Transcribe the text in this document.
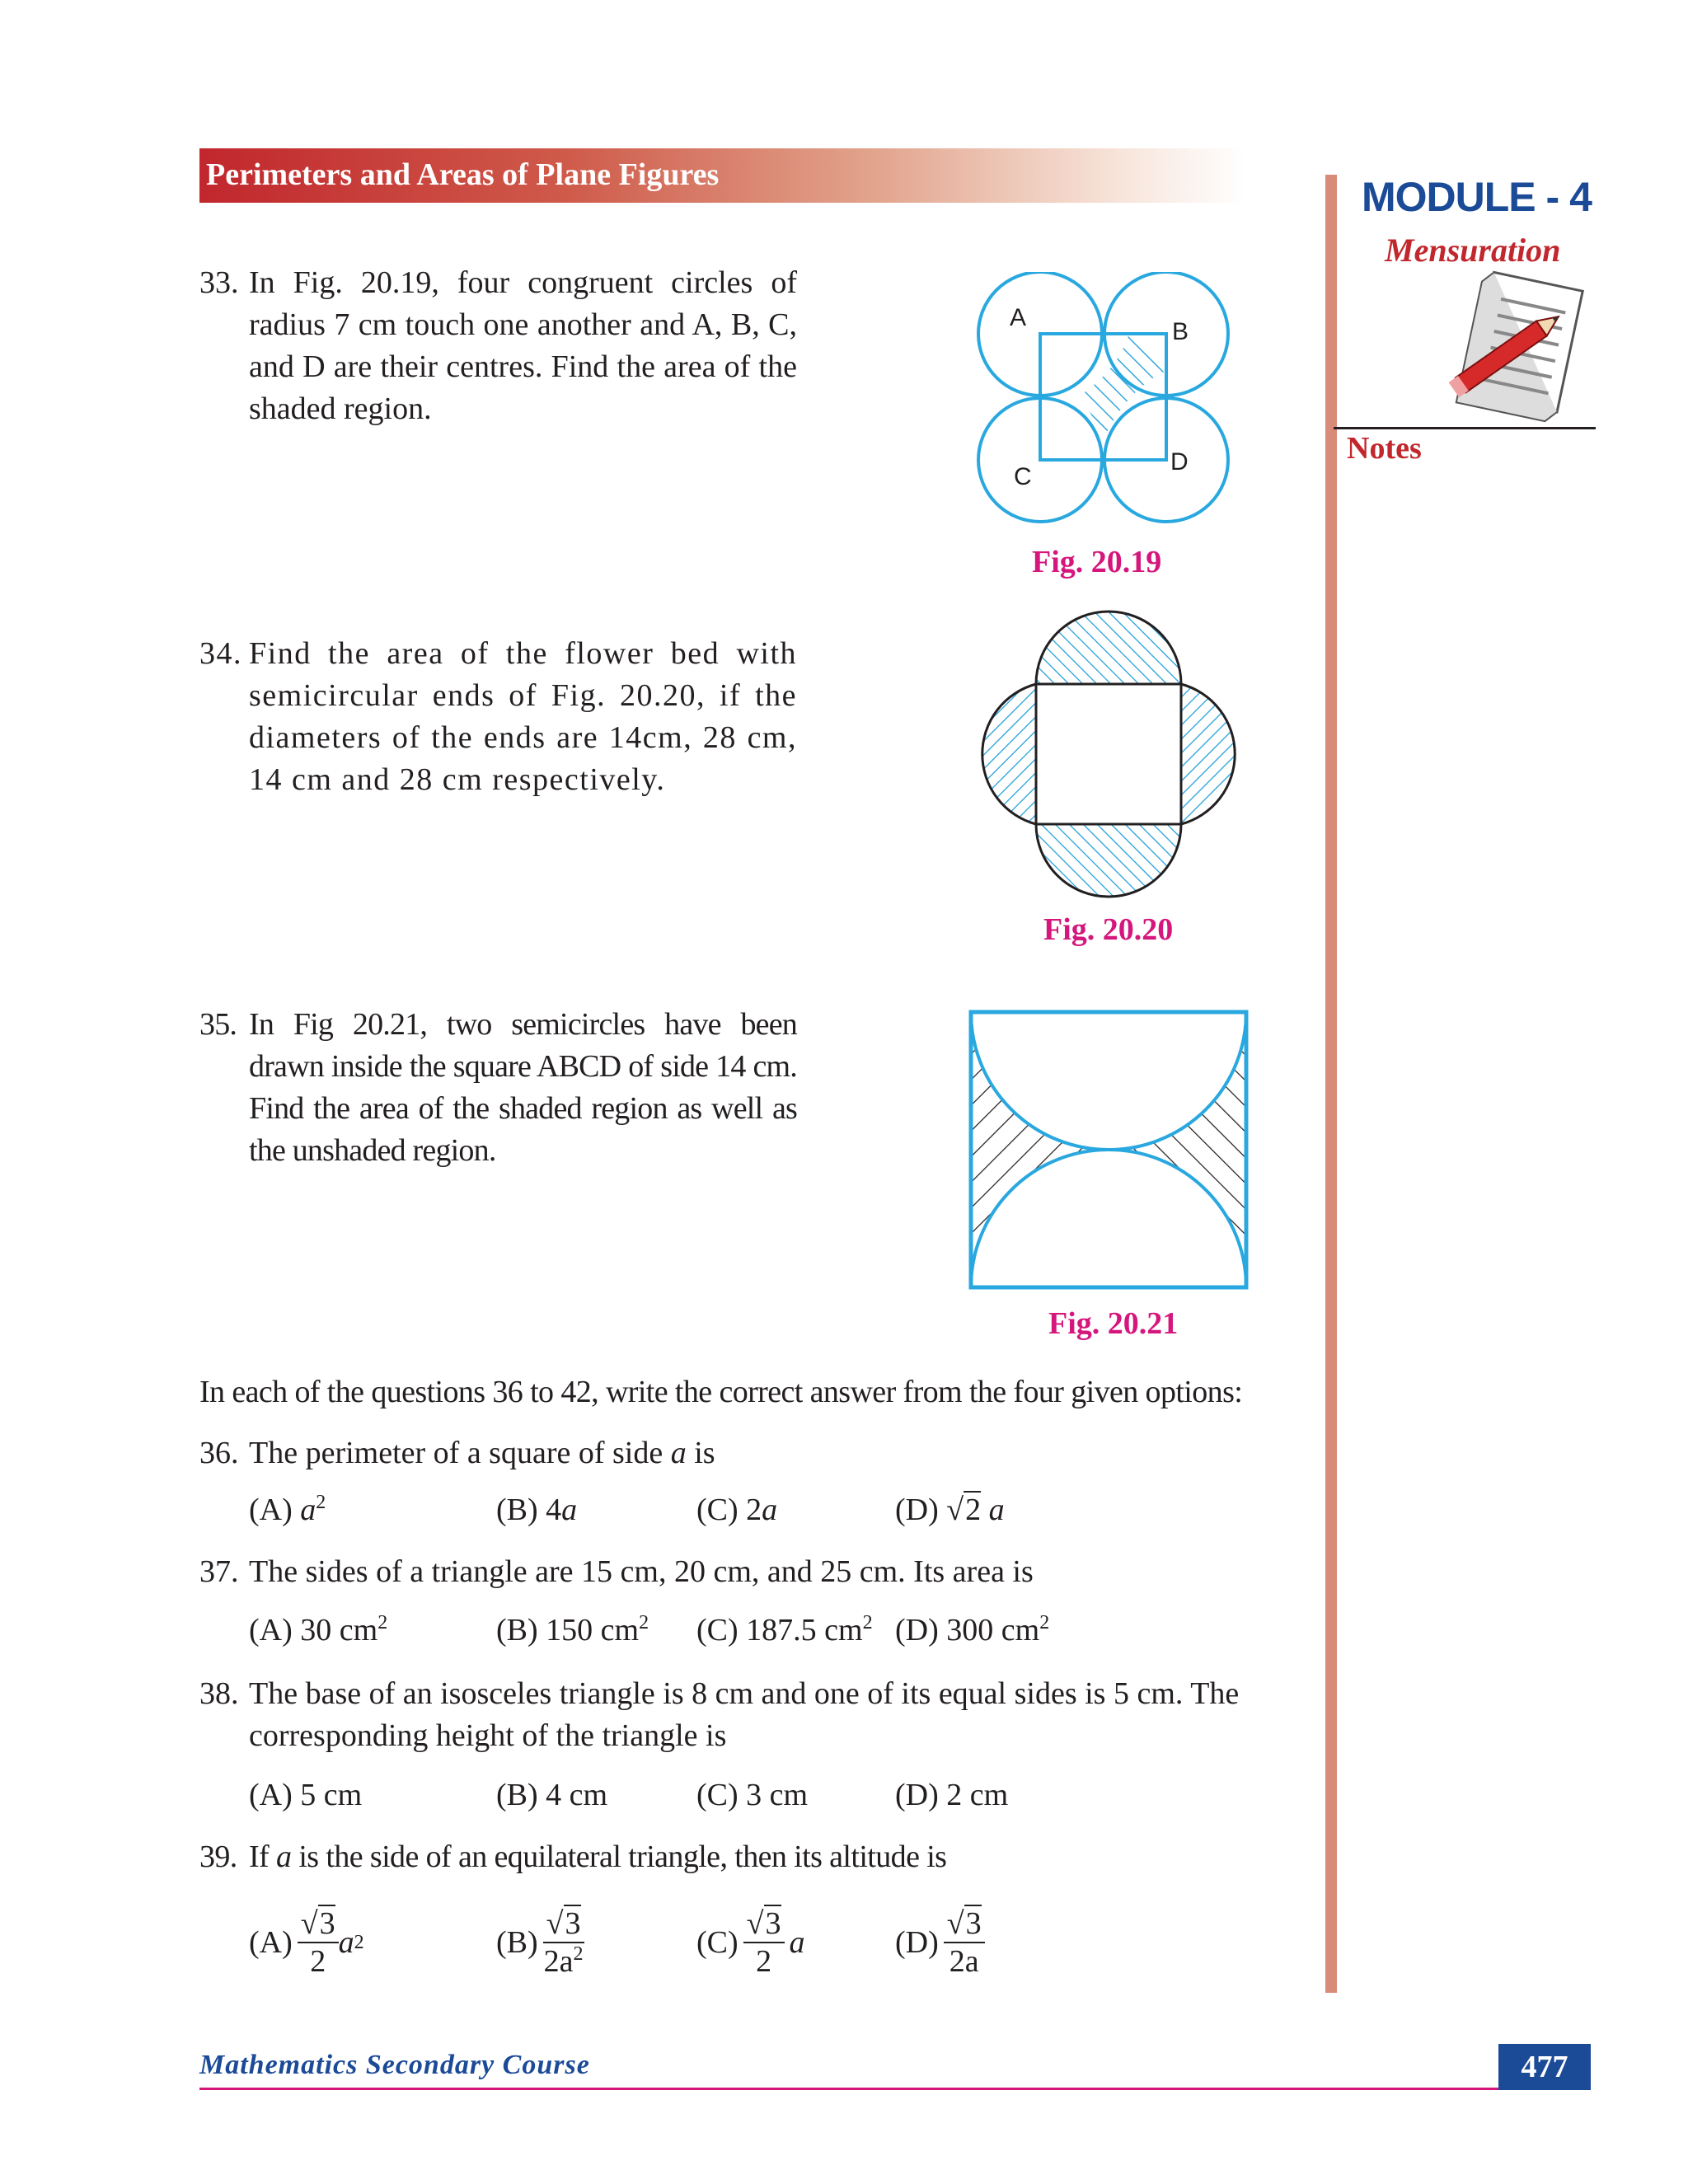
Perimeters and Areas of Plane Figures	MODULE - 4
Mensuration
Notes
33. In Fig. 20.19, four congruent circles of radius 7 cm touch one another and A, B, C, and D are their centres. Find the area of the shaded region.
A
B
C
D
Fig. 20.19
34. Find the area of the flower bed with semicircular ends of Fig. 20.20, if the diameters of the ends are 14cm, 28 cm, 14 cm and 28 cm respectively.
Fig. 20.20
35. In Fig 20.21, two semicircles have been drawn inside the square ABCD of side 14 cm. Find the area of the shaded region as well as the unshaded region.
Fig. 20.21
In each of the questions 36 to 42, write the correct answer from the four given options:
36. The perimeter of a square of side a is
(A) $a^2$	(B) 4a	(C) 2a	(D) √2 a
37. The sides of a triangle are 15 cm, 20 cm, and 25 cm. Its area is
(A) 30 $cm^2$	(B) 150 $cm^2$ (C) 187.5 $cm^2$ (D) 300 $cm^2$
38. The base of an isosceles triangle is 8 cm and one of its equal sides is 5 cm. The corresponding height of the triangle is
(A) 5 cm	(B) 4 cm	(C) 3 cm	(D) 2 cm
39. If a is the side of an equilateral triangle, then its altitude is
$(A) \frac{√3}{2}$ a 2	$(B) \frac{√3}{2a^2}$	$(C) \frac{√3}{2}$ a	$(D) \frac{√3}{2a}$
Mathematics Secondary Course	477
